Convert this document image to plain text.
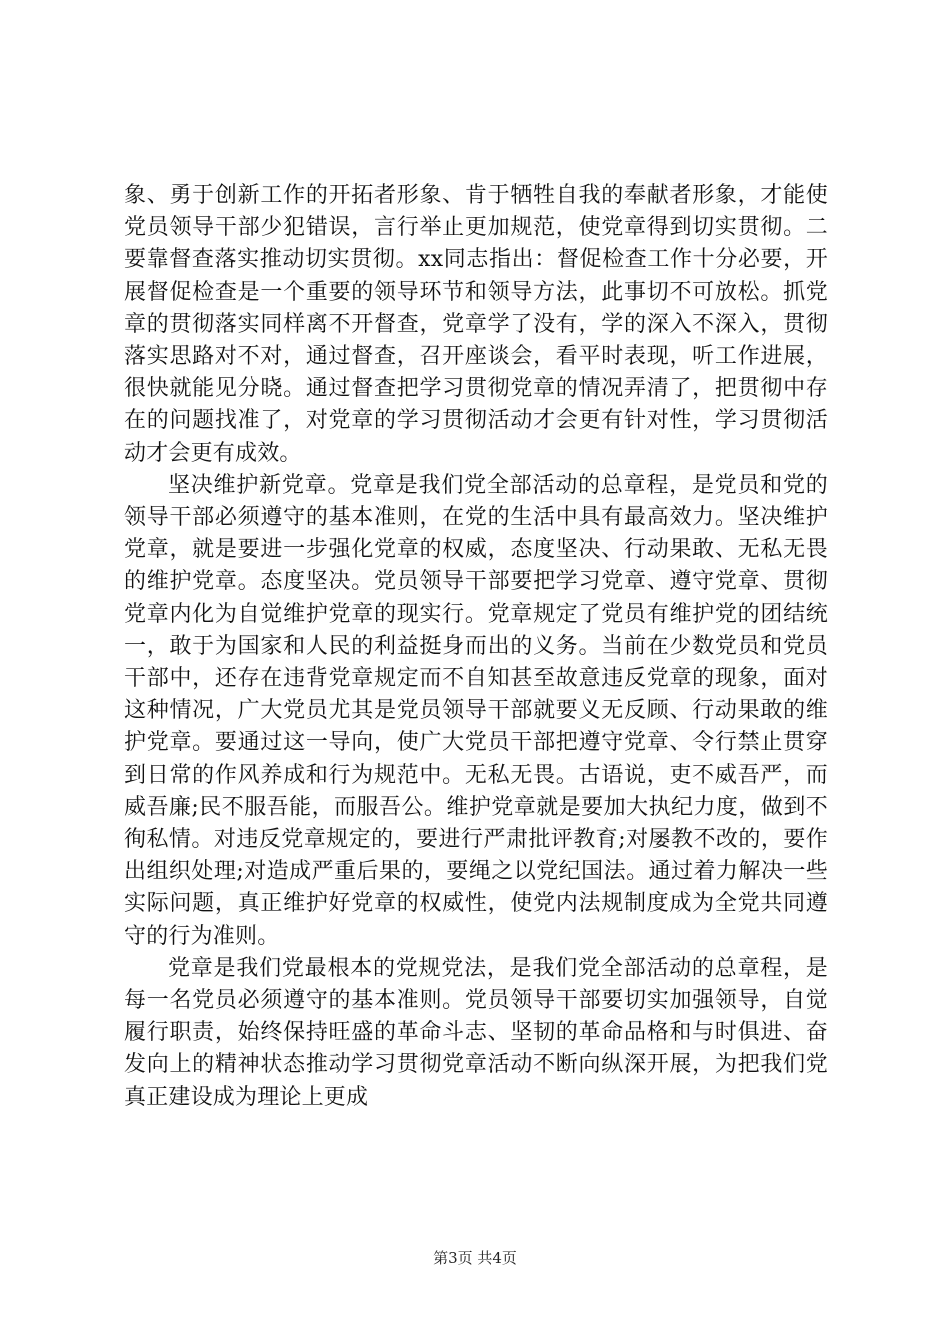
象、勇于创新工作的开拓者形象、肯于牺牲自我的奉献者形象，才能使党员领导干部少犯错误，言行举止更加规范，使党章得到切实贯彻。二要靠督查落实推动切实贯彻。xx同志指出：督促检查工作十分必要，开展督促检查是一个重要的领导环节和领导方法，此事切不可放松。抓党章的贯彻落实同样离不开督查，党章学了没有，学的深入不深入，贯彻落实思路对不对，通过督查，召开座谈会，看平时表现，听工作进展，很快就能见分晓。通过督查把学习贯彻党章的情况弄清了，把贯彻中存在的问题找准了，对党章的学习贯彻活动才会更有针对性，学习贯彻活动才会更有成效。

坚决维护新党章。党章是我们党全部活动的总章程，是党员和党的领导干部必须遵守的基本准则，在党的生活中具有最高效力。坚决维护党章，就是要进一步强化党章的权威，态度坚决、行动果敢、无私无畏的维护党章。态度坚决。党员领导干部要把学习党章、遵守党章、贯彻党章内化为自觉维护党章的现实行。党章规定了党员有维护党的团结统一，敢于为国家和人民的利益挺身而出的义务。当前在少数党员和党员干部中，还存在违背党章规定而不自知甚至故意违反党章的现象，面对这种情况，广大党员尤其是党员领导干部就要义无反顾、行动果敢的维护党章。要通过这一导向，使广大党员干部把遵守党章、令行禁止贯穿到日常的作风养成和行为规范中。无私无畏。古语说，吏不威吾严，而威吾廉;民不服吾能，而服吾公。维护党章就是要加大执纪力度，做到不徇私情。对违反党章规定的，要进行严肃批评教育;对屡教不改的，要作出组织处理;对造成严重后果的，要绳之以党纪国法。通过着力解决一些实际问题，真正维护好党章的权威性，使党内法规制度成为全党共同遵守的行为准则。

党章是我们党最根本的党规党法，是我们党全部活动的总章程，是每一名党员必须遵守的基本准则。党员领导干部要切实加强领导，自觉履行职责，始终保持旺盛的革命斗志、坚韧的革命品格和与时俱进、奋发向上的精神状态推动学习贯彻党章活动不断向纵深开展，为把我们党真正建设成为理论上更成

第3页 共4页
